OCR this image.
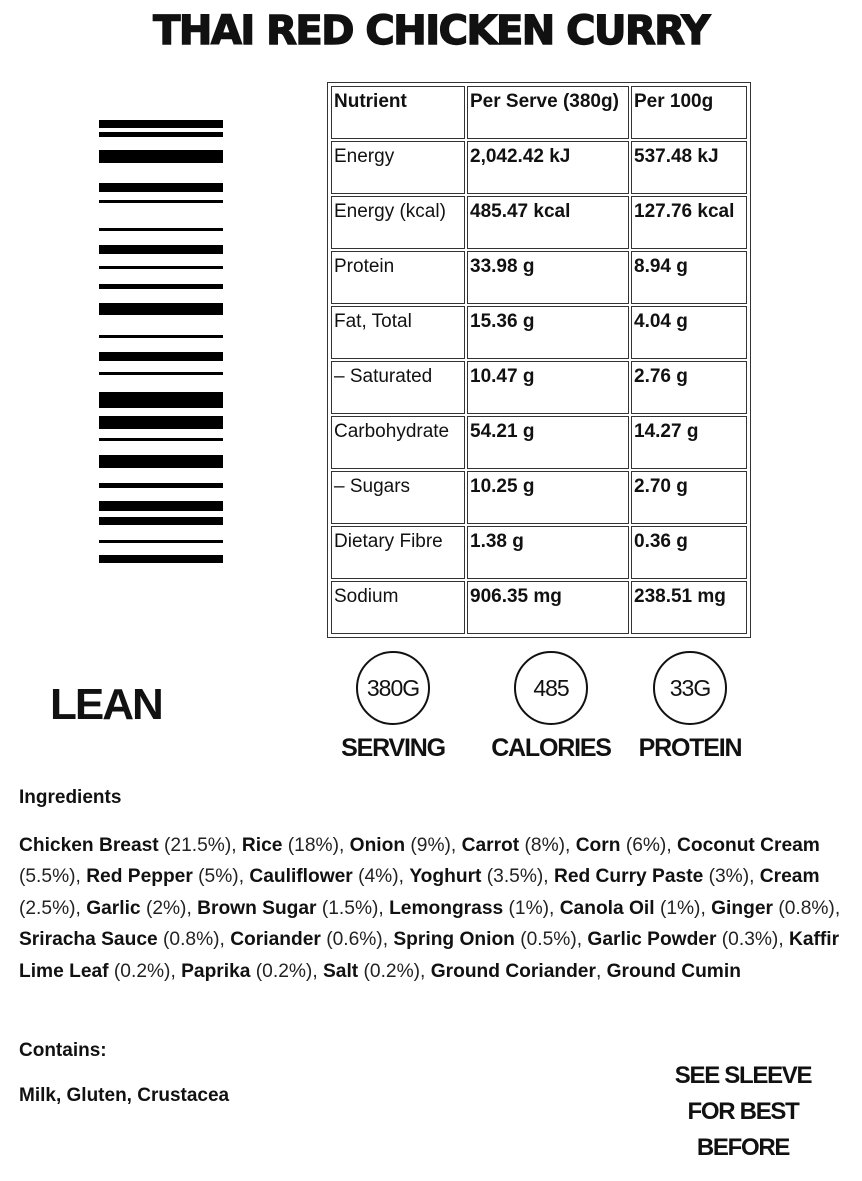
THAI RED CHICKEN CURRY
Nutrient	Per Serve (380g)	Per 100g
Energy	2,042.42 kJ	537.48 kJ
Energy (kcal)	485.47 kcal	127.76 kcal
Protein	33.98 g	8.94 g
Fat, Total	15.36 g	4.04 g
– Saturated	10.47 g	2.76 g
Carbohydrate	54.21 g	14.27 g
– Sugars	10.25 g	2.70 g
Dietary Fibre	1.38 g	0.36 g
Sodium	906.35 mg	238.51 mg
LEAN	380G
SERVING
485
CALORIES
33G
PROTEIN
Ingredients
Chicken Breast (21.5%), Rice (18%), Onion (9%), Carrot (8%), Corn (6%), Coconut Cream (5.5%), Red Pepper (5%), Cauliflower (4%), Yoghurt (3.5%), Red Curry Paste (3%), Cream (2.5%), Garlic (2%), Brown Sugar (1.5%), Lemongrass (1%), Canola Oil (1%), Ginger (0.8%), Sriracha Sauce (0.8%), Coriander (0.6%), Spring Onion (0.5%), Garlic Powder (0.3%), Kaffir Lime Leaf (0.2%), Paprika (0.2%), Salt (0.2%), Ground Coriander, Ground Cumin
Contains:
Milk, Gluten, Crustacea
SEE SLEEVE
FOR BEST
BEFORE
